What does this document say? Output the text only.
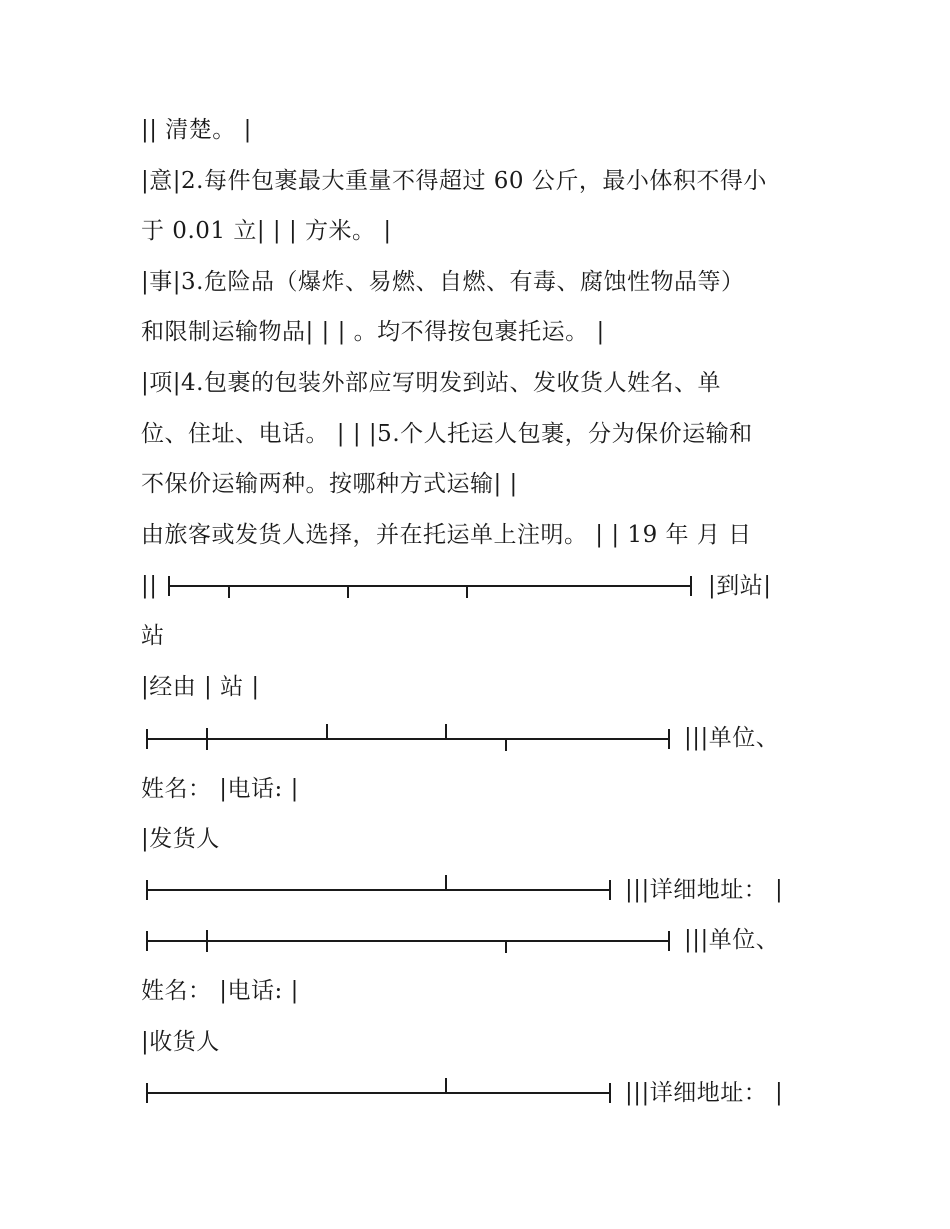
|| 清楚。 |
|意|2.每件包裹最大重量不得超过 60 公斤，最小体积不得小
于 0.01 立| | | 方米。 |
|事|3.危险品（爆炸、易燃、自燃、有毒、腐蚀性物品等）
和限制运输物品| | | 。均不得按包裹托运。 |
|项|4.包裹的包装外部应写明发到站、发收货人姓名、单
位、住址、电话。 | | |5.个人托运人包裹，分为保价运输和
不保价运输两种。按哪种方式运输| |
由旅客或发货人选择，并在托运单上注明。 | | 19 年 月 日
||	|到站|
站
|经由 | 站 |
|||单位、
姓名： |电话: |
|发货人
|||详细地址： |
|||单位、
姓名： |电话: |
|收货人
|||详细地址： |
